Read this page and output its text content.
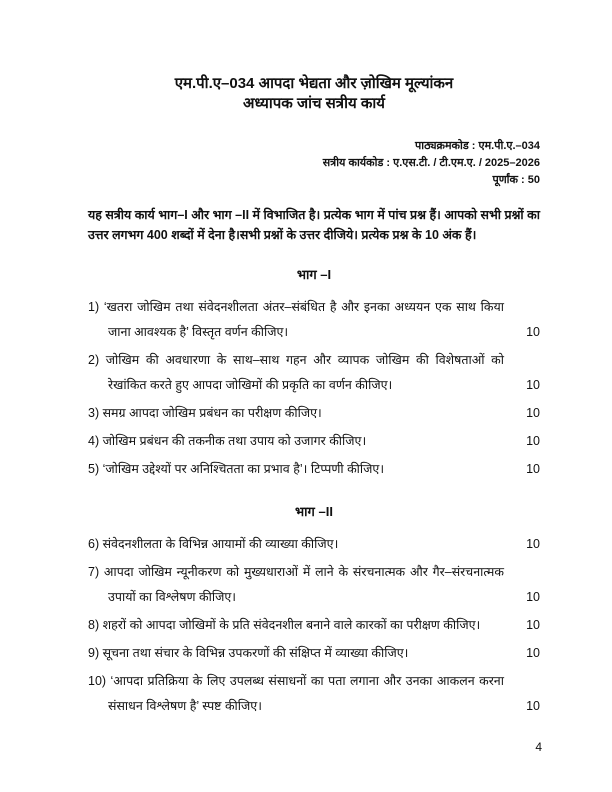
एम.पी.ए–034 आपदा भेद्यता और ज़ोखिम मूल्यांकन
अध्यापक जांच सत्रीय कार्य
पाठ्यक्रमकोड : एम.पी.ए.–034
सत्रीय कार्यकोड : ए.एस.टी. / टी.एम.ए. / 2025–2026
पूर्णांक : 50

यह सत्रीय कार्य भाग–I और भाग –II में विभाजित है। प्रत्येक भाग में पांच प्रश्न हैं। आपको सभी प्रश्नों का उत्तर लगभग 400 शब्दों में देना है।सभी प्रश्नों के उत्तर दीजिये। प्रत्येक प्रश्न के 10 अंक हैं।

भाग –I
1) ‘खतरा जोखिम तथा संवेदनशीलता अंतर–संबंधित है और इनका अध्ययन एक साथ किया जाना आवश्यक है’ विस्तृत वर्णन कीजिए।	10
2) जोखिम की अवधारणा के साथ–साथ गहन और व्यापक जोखिम की विशेषताओं को रेखांकित करते हुए आपदा जोखिमों की प्रकृति का वर्णन कीजिए।	10
3) समग्र आपदा जोखिम प्रबंधन का परीक्षण कीजिए।	10
4) जोखिम प्रबंधन की तकनीक तथा उपाय को उजागर कीजिए।	10
5) ‘जोखिम उद्देश्यों पर अनिश्चितता का प्रभाव है’। टिप्पणी कीजिए।	10
भाग –II
6) संवेदनशीलता के विभिन्न आयामों की व्याख्या कीजिए।	10
7) आपदा जोखिम न्यूनीकरण को मुख्यधाराओं में लाने के संरचनात्मक और गैर–संरचनात्मक उपायों का विश्लेषण कीजिए।	10
8) शहरों को आपदा जोखिमों के प्रति संवेदनशील बनाने वाले कारकों का परीक्षण कीजिए।	10
9) सूचना तथा संचार के विभिन्न उपकरणों की संक्षिप्त में व्याख्या कीजिए।	10
10) ‘आपदा प्रतिक्रिया के लिए उपलब्ध संसाधनों का पता लगाना और उनका आकलन करना संसाधन विश्लेषण है’ स्पष्ट कीजिए।	10
4
